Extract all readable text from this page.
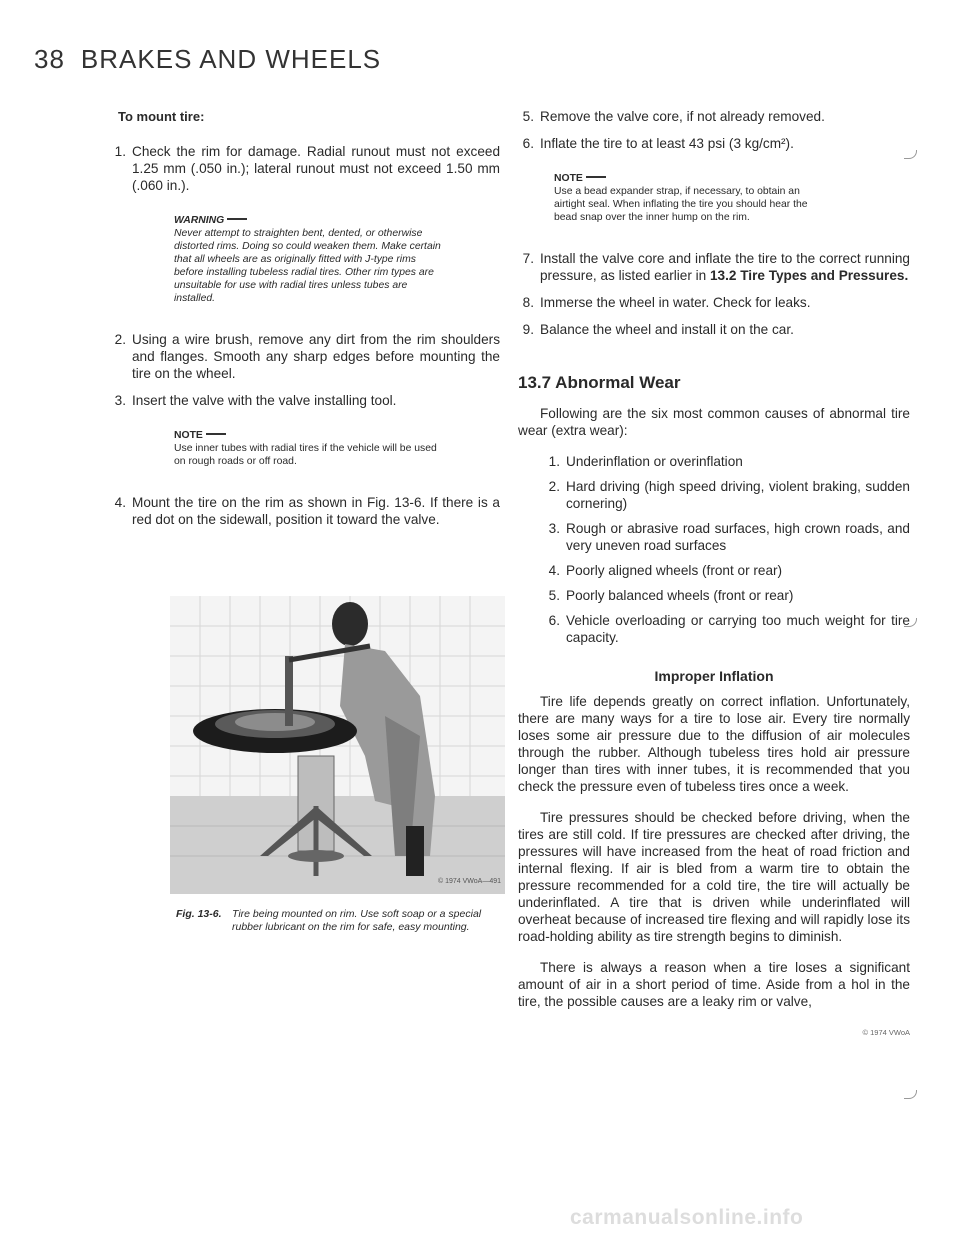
38 BRAKES AND WHEELS
To mount tire:
1. Check the rim for damage. Radial runout must not exceed 1.25 mm (.050 in.); lateral runout must not exceed 1.50 mm (.060 in.).
WARNING
Never attempt to straighten bent, dented, or otherwise distorted rims. Doing so could weaken them. Make certain that all wheels are as originally fitted with J-type rims before installing tubeless radial tires. Other rim types are unsuitable for use with radial tires unless tubes are installed.
2. Using a wire brush, remove any dirt from the rim shoulders and flanges. Smooth any sharp edges before mounting the tire on the wheel.
3. Insert the valve with the valve installing tool.
NOTE
Use inner tubes with radial tires if the vehicle will be used on rough roads or off road.
4. Mount the tire on the rim as shown in Fig. 13-6. If there is a red dot on the sidewall, position it toward the valve.
© 1974 VWoA—491
Fig. 13-6. Tire being mounted on rim. Use soft soap or a special rubber lubricant on the rim for safe, easy mounting.
5. Remove the valve core, if not already removed.
6. Inflate the tire to at least 43 psi (3 kg/cm²).
NOTE
Use a bead expander strap, if necessary, to obtain an airtight seal. When inflating the tire you should hear the bead snap over the inner hump on the rim.
7. Install the valve core and inflate the tire to the correct running pressure, as listed earlier in 13.2 Tire Types and Pressures.
8. Immerse the wheel in water. Check for leaks.
9. Balance the wheel and install it on the car.
13.7 Abnormal Wear

Following are the six most common causes of abnormal tire wear (extra wear):

1. Underinflation or overinflation
2. Hard driving (high speed driving, violent braking, sudden cornering)
3. Rough or abrasive road surfaces, high crown roads, and very uneven road surfaces
4. Poorly aligned wheels (front or rear)
5. Poorly balanced wheels (front or rear)
6. Vehicle overloading or carrying too much weight for tire capacity.
Improper Inflation

Tire life depends greatly on correct inflation. Unfortunately, there are many ways for a tire to lose air. Every tire normally loses some air pressure due to the diffusion of air molecules through the rubber. Although tubeless tires hold air pressure longer than tires with inner tubes, it is recommended that you check the pressure even of tubeless tires once a week.

Tire pressures should be checked before driving, when the tires are still cold. If tire pressures are checked after driving, the pressures will have increased from the heat of road friction and internal flexing. If air is bled from a warm tire to obtain the pressure recommended for a cold tire, the tire will actually be underinflated. A tire that is driven while underinflated will overheat because of increased tire flexing and will rapidly lose its road-holding ability as tire strength begins to diminish.

There is always a reason when a tire loses a significant amount of air in a short period of time. Aside from a hol in the tire, the possible causes are a leaky rim or valve,

© 1974 VWoA
carmanualsonline.info
